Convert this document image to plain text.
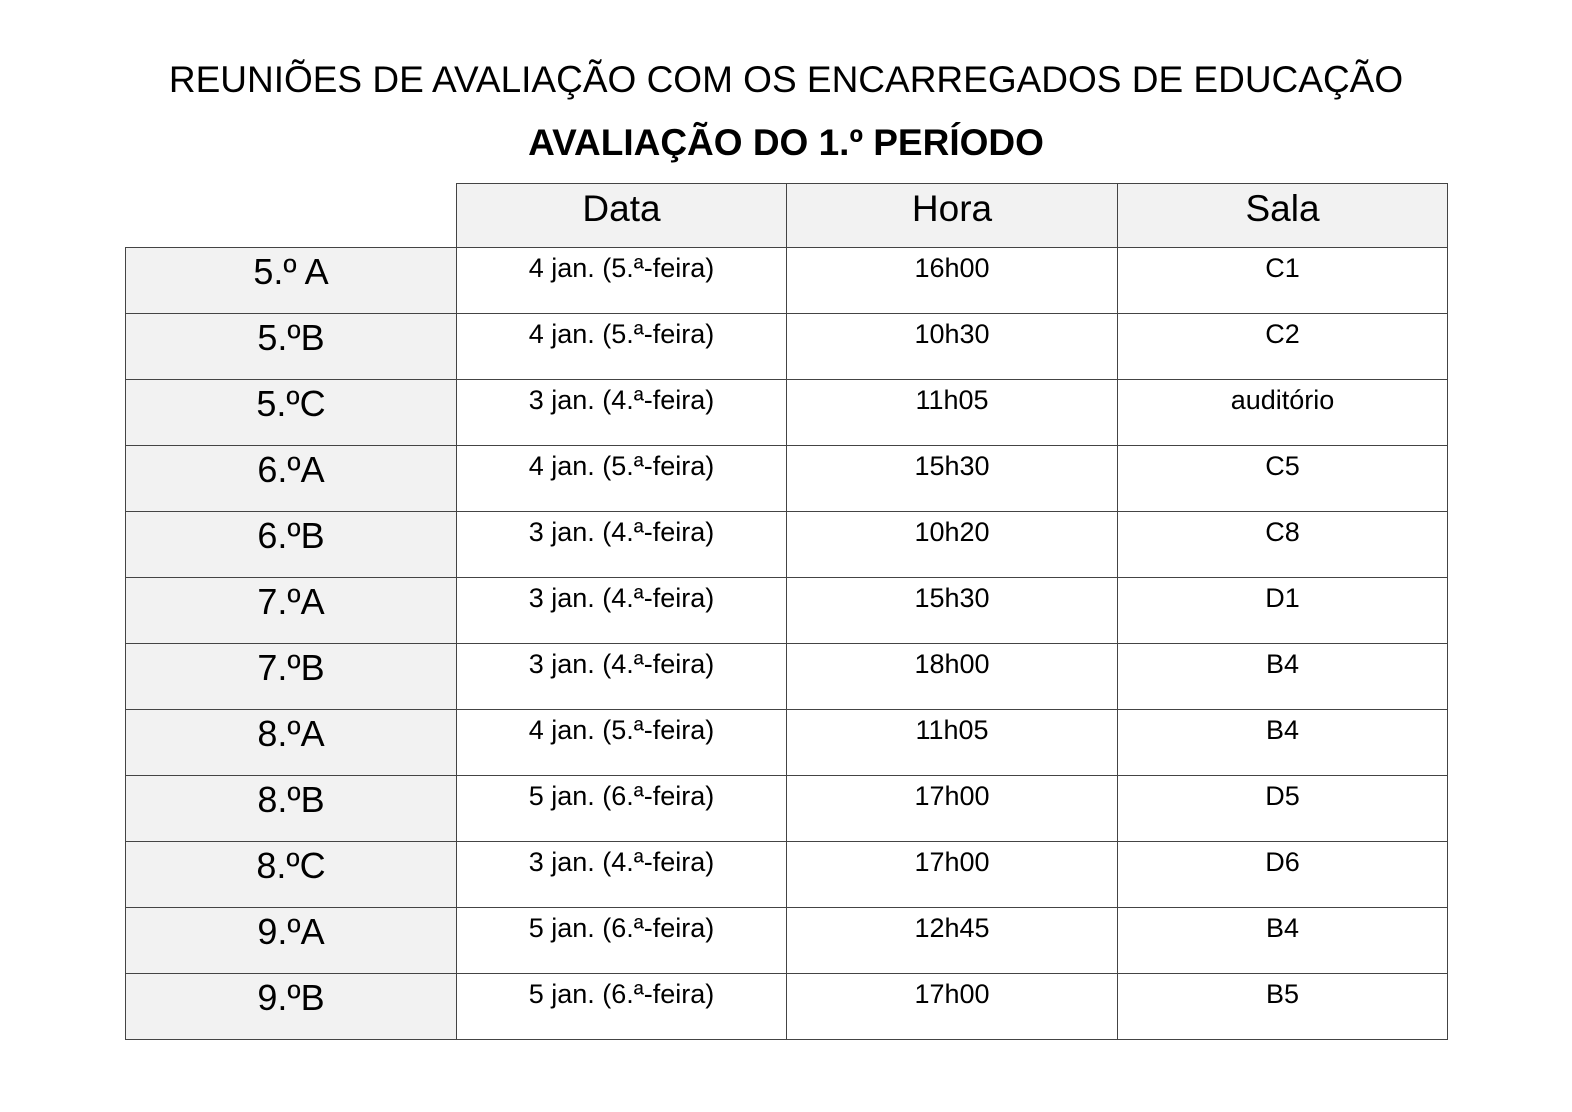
REUNIÕES DE AVALIAÇÃO COM OS ENCARREGADOS DE EDUCAÇÃO
AVALIAÇÃO DO 1.º PERÍODO
	Data	Hora	Sala
5.º A	4 jan. (5.ª-feira)	16h00	C1
5.ºB	4 jan. (5.ª-feira)	10h30	C2
5.ºC	3 jan. (4.ª-feira)	11h05	auditório
6.ºA	4 jan. (5.ª-feira)	15h30	C5
6.ºB	3 jan. (4.ª-feira)	10h20	C8
7.ºA	3 jan. (4.ª-feira)	15h30	D1
7.ºB	3 jan. (4.ª-feira)	18h00	B4
8.ºA	4 jan. (5.ª-feira)	11h05	B4
8.ºB	5 jan. (6.ª-feira)	17h00	D5
8.ºC	3 jan. (4.ª-feira)	17h00	D6
9.ºA	5 jan. (6.ª-feira)	12h45	B4
9.ºB	5 jan. (6.ª-feira)	17h00	B5
